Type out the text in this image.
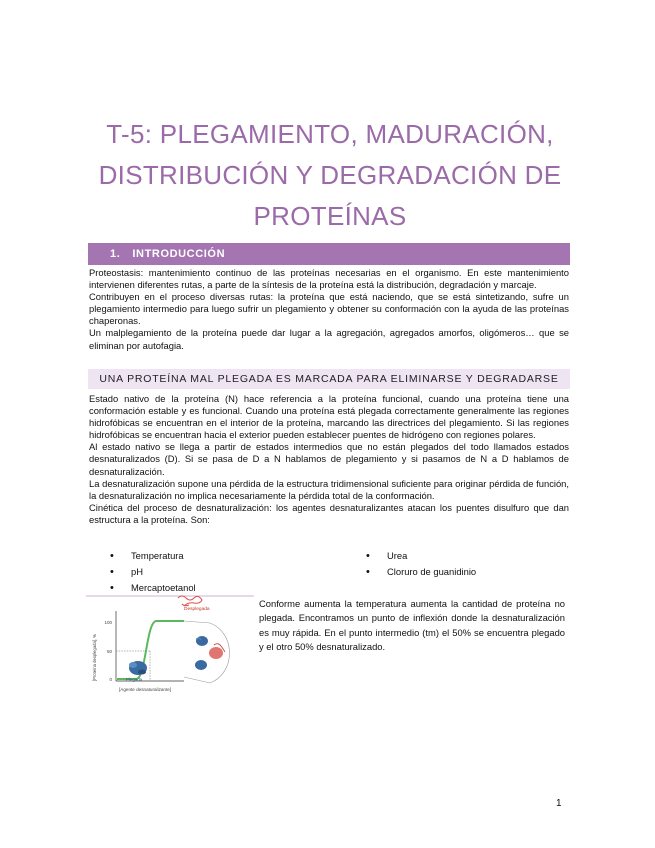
T-5: PLEGAMIENTO, MADURACIÓN,
DISTRIBUCIÓN Y DEGRADACIÓN DE
PROTEÍNAS
1. INTRODUCCIÓN

Proteostasis: mantenimiento continuo de las proteínas necesarias en el organismo. En este mantenimiento intervienen diferentes rutas, a parte de la síntesis de la proteína está la distribución, degradación y marcaje.

Contribuyen en el proceso diversas rutas: la proteína que está naciendo, que se está sintetizando, sufre un plegamiento intermedio para luego sufrir un plegamiento y obtener su conformación con la ayuda de las proteínas chaperonas.

Un malplegamiento de la proteína puede dar lugar a la agregación, agregados amorfos, oligómeros… que se eliminan por autofagia.

UNA PROTEÍNA MAL PLEGADA ES MARCADA PARA ELIMINARSE Y DEGRADARSE

Estado nativo de la proteína (N) hace referencia a la proteína funcional, cuando una proteína tiene una conformación estable y es funcional. Cuando una proteína está plegada correctamente generalmente las regiones hidrofóbicas se encuentran en el interior de la proteína, marcando las directrices del plegamiento. Si las regiones hidrofóbicas se encuentran hacia el exterior pueden establecer puentes de hidrógeno con regiones polares.

Al estado nativo se llega a partir de estados intermedios que no están plegados del todo llamados estados desnaturalizados (D). Si se pasa de D a N hablamos de plegamiento y si pasamos de N a D hablamos de desnaturalización.

La desnaturalización supone una pérdida de la estructura tridimensional suficiente para originar pérdida de función, la desnaturalización no implica necesariamente la pérdida total de la conformación.

Cinética del proceso de desnaturalización: los agentes desnaturalizantes atacan los puentes disulfuro que dan estructura a la proteína. Son:

• Temperatura
• pH
• Mercaptoetanol
• Urea
• Cloruro de guanidinio
[Proteína desplegada], %
100
50
0
[Agente desnaturalizante]
Desplegada
Plegada

Conforme aumenta la temperatura aumenta la cantidad de proteína no plegada. Encontramos un punto de inflexión donde la desnaturalización es muy rápida. En el punto intermedio (tm) el 50% se encuentra plegado y el otro 50% desnaturalizado.

1
